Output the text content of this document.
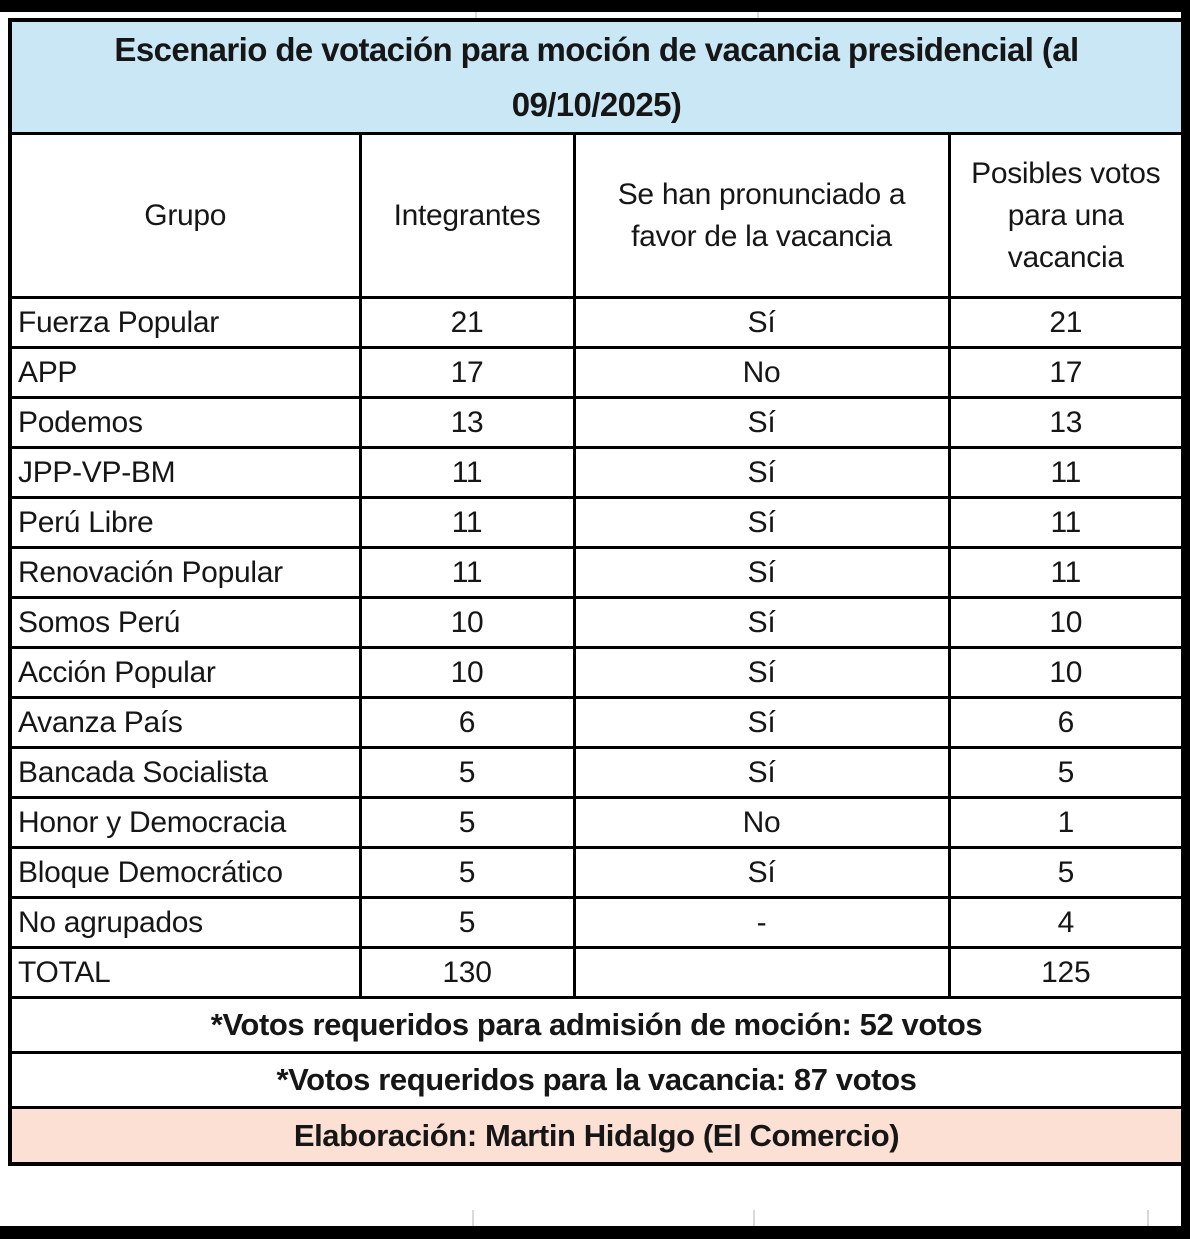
Escenario de votación para moción de vacancia presidencial (al
09/10/2025)			
Grupo	Integrantes	Se han pronunciado a favor de la vacancia	Posibles votos para una vacancia
Fuerza Popular	21	Sí	21
APP	17	No	17
Podemos	13	Sí	13
JPP-VP-BM	11	Sí	11
Perú Libre	11	Sí	11
Renovación Popular	11	Sí	11
Somos Perú	10	Sí	10
Acción Popular	10	Sí	10
Avanza País	6	Sí	6
Bancada Socialista	5	Sí	5
Honor y Democracia	5	No	1
Bloque Democrático	5	Sí	5
No agrupados	5	-	4
TOTAL	130		125
*Votos requeridos para admisión de moción: 52 votos			
*Votos requeridos para la vacancia: 87 votos			
Elaboración: Martin Hidalgo (El Comercio)			
